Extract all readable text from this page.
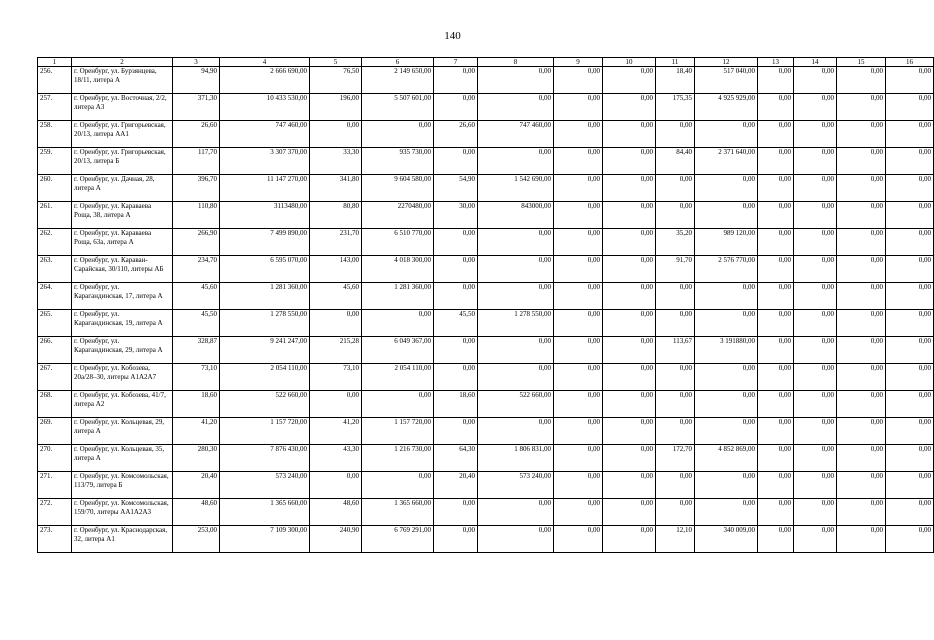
140
1	2	3	4	5	6	7	8	9	10	11	12	13	14	15	16
256.	г. Оренбург, ул. Бурзянцева, 18/11, литера А	94,90	2 666 690,00	76,50	2 149 650,00	0,00	0,00	0,00	0,00	18,40	517 040,00	0,00	0,00	0,00	0,00
257.	г. Оренбург, ул. Восточная, 2/2, литера А3	371,30	10 433 530,00	196,00	5 507 601,00	0,00	0,00	0,00	0,00	175,35	4 925 929,00	0,00	0,00	0,00	0,00
258.	г. Оренбург, ул. Григорьевская, 20/13, литера АА1	26,60	747 460,00	0,00	0,00	26,60	747 460,00	0,00	0,00	0,00	0,00	0,00	0,00	0,00	0,00
259.	г. Оренбург, ул. Григорьевская, 20/13, литера Б	117,70	3 307 370,00	33,30	935 730,00	0,00	0,00	0,00	0,00	84,40	2 371 640,00	0,00	0,00	0,00	0,00
260.	г. Оренбург, ул. Дачная, 28, литера А	396,70	11 147 270,00	341,80	9 604 580,00	54,90	1 542 690,00	0,00	0,00	0,00	0,00	0,00	0,00	0,00	0,00
261.	г. Оренбург, ул. Караваева Роща, 38, литера А	110,80	3113480,00	80,80	2270480,00	30,00	843000,00	0,00	0,00	0,00	0,00	0,00	0,00	0,00	0,00
262.	г. Оренбург, ул. Караваева Роща, 63а, литера А	266,90	7 499 890,00	231,70	6 510 770,00	0,00	0,00	0,00	0,00	35,20	989 120,00	0,00	0,00	0,00	0,00
263.	г. Оренбург, ул. Караван-Сарайская, 30/110, литеры АБ	234,70	6 595 070,00	143,00	4 018 300,00	0,00	0,00	0,00	0,00	91,70	2 576 770,00	0,00	0,00	0,00	0,00
264.	г. Оренбург, ул. Карагандинская, 17, литера А	45,60	1 281 360,00	45,60	1 281 360,00	0,00	0,00	0,00	0,00	0,00	0,00	0,00	0,00	0,00	0,00
265.	г. Оренбург, ул. Карагандинская, 19, литера А	45,50	1 278 550,00	0,00	0,00	45,50	1 278 550,00	0,00	0,00	0,00	0,00	0,00	0,00	0,00	0,00
266.	г. Оренбург, ул. Карагандинская, 29, литера А	328,87	9 241 247,00	215,28	6 049 367,00	0,00	0,00	0,00	0,00	113,67	3 191880,00	0,00	0,00	0,00	0,00
267.	г. Оренбург, ул. Кобозева, 20а/28–30, литеры А1А2А7	73,10	2 054 110,00	73,10	2 054 110,00	0,00	0,00	0,00	0,00	0,00	0,00	0,00	0,00	0,00	0,00
268.	г. Оренбург, ул. Кобозева, 41/7, литера А2	18,60	522 660,00	0,00	0,00	18,60	522 660,00	0,00	0,00	0,00	0,00	0,00	0,00	0,00	0,00
269.	г. Оренбург, ул. Кольцевая, 29, литера А	41,20	1 157 720,00	41,20	1 157 720,00	0,00	0,00	0,00	0,00	0,00	0,00	0,00	0,00	0,00	0,00
270.	г. Оренбург, ул. Кольцевая, 35, литера А	280,30	7 876 430,00	43,30	1 216 730,00	64,30	1 806 831,00	0,00	0,00	172,70	4 852 869,00	0,00	0,00	0,00	0,00
271.	г. Оренбург, ул. Комсомольская, 113/79, литера Б	20,40	573 240,00	0,00	0,00	20,40	573 240,00	0,00	0,00	0,00	0,00	0,00	0,00	0,00	0,00
272.	г. Оренбург, ул. Комсомольская, 159/70, литеры АА1А2А3	48,60	1 365 660,00	48,60	1 365 660,00	0,00	0,00	0,00	0,00	0,00	0,00	0,00	0,00	0,00	0,00
273.	г. Оренбург, ул. Краснодарская, 32, литера А1	253,00	7 109 300,00	240,90	6 769 291,00	0,00	0,00	0,00	0,00	12,10	340 009,00	0,00	0,00	0,00	0,00
